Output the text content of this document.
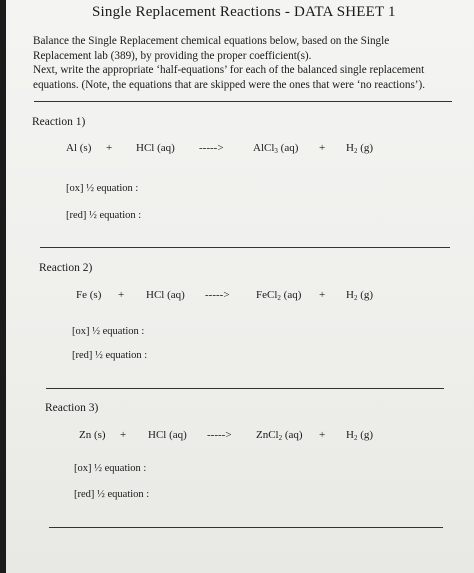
Single Replacement Reactions - DATA SHEET 1
Balance the Single Replacement chemical equations below, based on the Single
Replacement lab (389), by providing the proper coefficient(s).
Next, write the appropriate ‘half-equations’ for each of the balanced single replacement
equations. (Note, the equations that are skipped were the ones that were ‘no reactions’).
Reaction 1)
Al (s) + HCl (aq) ----->	AlCl$_3$ $(aq) + H_2$ (g)
[ox] ½ equation :
[red] ½ equation :
Reaction 2)
Fe (s) + HCl (aq) -----> FeCl$_2$ $(aq) + H_2$ (g)
[ox] ½ equation :
[red] ½ equation :
Reaction 3)
Zn (s) + HCl (aq) -----> ZnCl$_2$ $(aq) + H_2$ (g)
[ox] ½ equation :
[red] ½ equation :
